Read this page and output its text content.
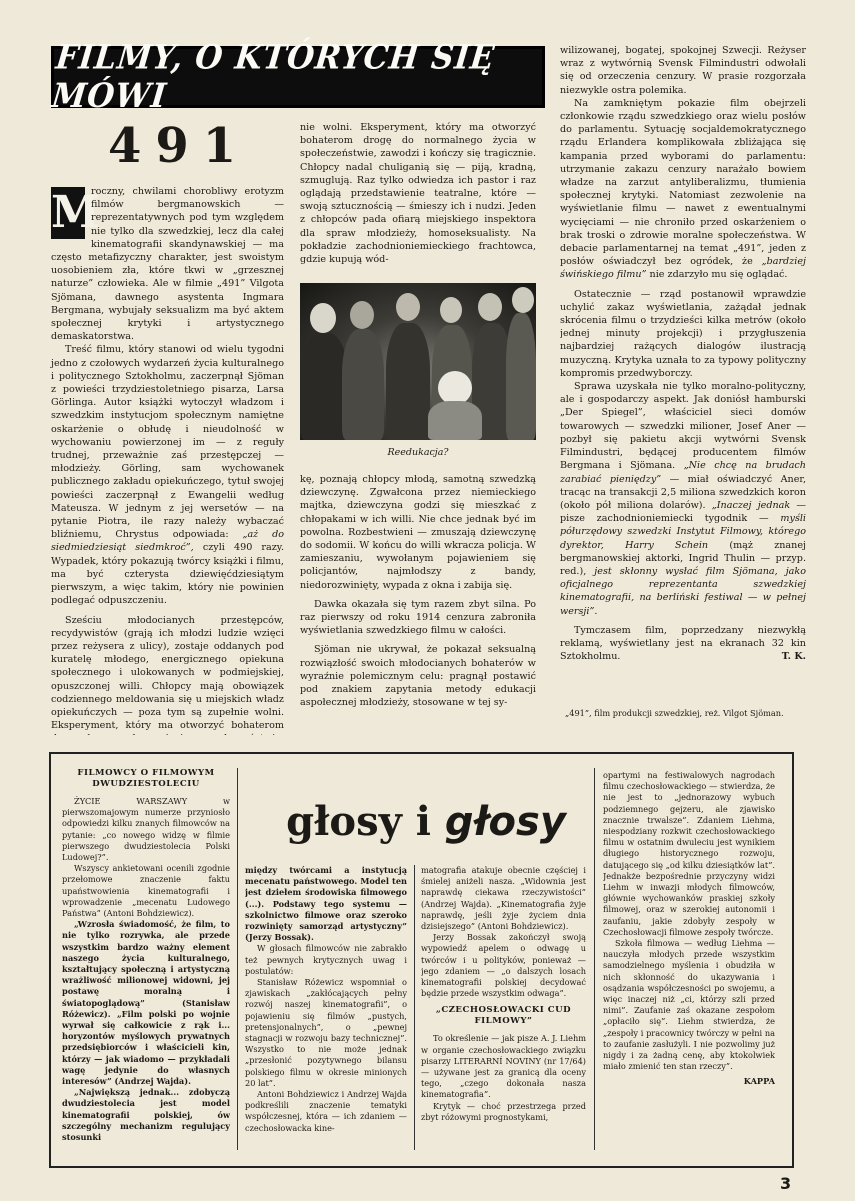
FILMY, O KTÓRYCH SIĘ MÓWI
491

M
roczny, chwilami chorobliwy erotyzm filmów bergmanowskich — reprezentatywnych pod tym względem nie tylko dla szwedzkiej, lecz dla całej kinematografii skandynawskiej — ma często metafizyczny charakter, jest swoistym uosobieniem zła, które tkwi w „grzesznej naturze” człowieka. Ale w filmie „491” Vilgota Sjömana, dawnego asystenta Ingmara Bergmana, wybujały seksualizm ma być aktem społecznej krytyki i artystycznego demaskatorstwa.

Treść filmu, który stanowi od wielu tygodni jedno z czołowych wydarzeń życia kulturalnego i politycznego Sztokholmu, zaczerpnął Sjöman z powieści trzydziestoletniego pisarza, Larsa Görlinga. Autor książki wytoczył władzom i szwedzkim instytucjom społecznym namiętne oskarżenie o obłudę i nieudolność w wychowaniu powierzonej im — z reguły trudnej, przeważnie zaś przestępczej — młodzieży. Görling, sam wychowanek publicznego zakładu opiekuńczego, tytuł swojej powieści zaczerpnął z Ewangelii według Mateusza. W jednym z jej wersetów — na pytanie Piotra, ile razy należy wybaczać bliźniemu, Chrystus odpowiada: „aż do siedmiedziesiąt siedmkroć”, czyli 490 razy. Wypadek, który pokazują twórcy książki i filmu, ma być czterysta dziewięćdziesiątym pierwszym, a więc takim, który nie powinien podlegać odpuszczeniu.

Sześciu młodocianych przestępców, recydywistów (grają ich młodzi ludzie wzięci przez reżysera z ulicy), zostaje oddanych pod kuratelę młodego, energicznego opiekuna społecznego i ulokowanych w podmiejskiej, opuszczonej willi. Chłopcy mają obowiązek codziennego meldowania się u miejskich władz opiekuńczych — poza tym są zupełnie wolni. Eksperyment, który ma otworzyć bohaterom

nie wolni. Eksperyment, który ma otworzyć bohaterom drogę do normalnego życia w społeczeństwie, zawodzi i kończy się tragicznie. Chłopcy nadal chuliganią się — piją, kradną, szmuglują. Raz tylko odwiedza ich pastor i raz oglądają przedstawienie teatralne, które — swoją sztucznością — śmieszy ich i nudzi. Jeden z chłopców pada ofiarą miejskiego inspektora dla spraw młodzieży, homoseksualisty. Na pokładzie zachodnioniemieckiego frachtowca, gdzie kupują wód-

Reedukacja?

kę, poznają chłopcy młodą, samotną szwedzką dziewczynę. Zgwałcona przez niemieckiego majtka, dziewczyna godzi się mieszkać z chłopakami w ich willi. Nie chce jednak być im powolna. Rozbestwieni — zmuszają dziewczynę do sodomii. W końcu do willi wkracza policja. W zamieszaniu, wywołanym pojawieniem się policjantów, najmłodszy z bandy, niedorozwinięty, wypada z okna i zabija się.

Dawka okazała się tym razem zbyt silna. Po raz pierwszy od roku 1914 cenzura zabroniła wyświetlania szwedzkiego filmu w całości.

Sjöman nie ukrywał, że pokazał seksualną rozwiązłość swoich młodocianych bohaterów w wyraźnie polemicznym celu: pragnął postawić pod znakiem zapytania metody edukacji aspołecznej młodzieży, stosowane w tej sy-

wilizowanej, bogatej, spokojnej Szwecji. Reżyser wraz z wytwórnią Svensk Filmindustri odwołali się od orzeczenia cenzury. W prasie rozgorzała niezwykle ostra polemika.

Na zamkniętym pokazie film obejrzeli członkowie rządu szwedzkiego oraz wielu posłów do parlamentu. Sytuację socjaldemokratycznego rządu Erlandera komplikowała zbliżająca się kampania przed wyborami do parlamentu: utrzymanie zakazu cenzury narażało bowiem władze na zarzut antyliberalizmu, tłumienia społecznej krytyki. Natomiast zezwolenie na wyświetlanie filmu — nawet z ewentualnymi wycięciami — nie chroniło przed oskarżeniem o brak troski o zdrowie moralne społeczeństwa. W debacie parlamentarnej na temat „491”, jeden z posłów oświadczył bez ogródek, że „bardziej świńskiego filmu” nie zdarzyło mu się oglądać.

Ostatecznie — rząd postanowił wprawdzie uchylić zakaz wyświetlania, zażądał jednak skrócenia filmu o trzydzieści kilka metrów (około jednej minuty projekcji) i przygłuszenia najbardziej rażących dialogów ilustracją muzyczną. Krytyka uznała to za typowy polityczny kompromis przedwyborczy.

Sprawa uzyskała nie tylko moralno-polityczny, ale i gospodarczy aspekt. Jak doniósł hamburski „Der Spiegel”, właściciel sieci domów towarowych — szwedzki milioner, Josef Aner — pozbył się pakietu akcji wytwórni Svensk Filmindustri, będącej producentem filmów Bergmana i Sjömana. „Nie chcę na brudach zarabiać pieniędzy” — miał oświadczyć Aner, tracąc na transakcji 2,5 miliona szwedzkich koron (około pół miliona dolarów). „Inaczej jednak — pisze zachodnioniemiecki tygodnik — myśli półurzędowy szwedzki Instytut Filmowy, którego dyrektor, Harry Schein (mąż znanej bergmanowskiej aktorki, Ingrid Thulin — przyp. red.), jest skłonny wysłać film Sjömana, jako oficjalnego reprezentanta szwedzkiej kinematografii, na berliński festiwal — w pełnej wersji”.

Tymczasem film, poprzedzany niezwykłą reklamą, wyświetlany jest na ekranach 32 kin Sztokholmu.	T. K.

„491”, film produkcji szwedzkiej, reż. Vilgot Sjöman.
głosy i głosy
FILMOWCY O FILMOWYM DWUDZIESTOLECIU

ŻYCIE WARSZAWY w pierwszomajowym numerze przyniosło odpowiedzi kilku znanych filmowców na pytanie: „co nowego widzę w filmie pierwszego dwudziestolecia Polski Ludowej?”.

Wszyscy ankietowani ocenili zgodnie przełomowe znaczenie faktu upaństwowienia kinematografii i wprowadzenie „mecenatu Ludowego Państwa” (Antoni Bohdziewicz).

„Wzrosła świadomość, że film, to nie tylko rozrywka, ale przede wszystkim bardzo ważny element naszego życia kulturalnego, kształtujący społeczną i artystyczną wrażliwość milionowej widowni, jej postawę moralną i światopoglądową” (Stanisław Różewicz). „Film polski po wojnie wyrwał się całkowicie z rąk i... horyzontów myślowych prywatnych przedsiębiorców i właścicieli kin, którzy — jak wiadomo — przykładali wagę jedynie do własnych interesów” (Andrzej Wajda).

„Największą jednak... zdobyczą dwudziestolecia jest model kinematografii polskiej, ów szczególny mechanizm regulujący stosunki

między twórcami a instytucją mecenatu państwowego. Model ten jest dziełem środowiska filmowego (...). Podstawy tego systemu — szkolnictwo filmowe oraz szeroko rozwinięty samorząd artystyczny” (Jerzy Bossak).

W głosach filmowców nie zabrakło też pewnych krytycznych uwag i postulatów:

Stanisław Różewicz wspomniał o zjawiskach „zakłócających pełny rozwój naszej kinematografii”, o pojawieniu się filmów „pustych, pretensjonalnych”, o „pewnej stagnacji w rozwoju bazy technicznej”. Wszystko to nie może jednak „przesłonić pozytywnego bilansu polskiego filmu w okresie minionych 20 lat”.

Antoni Bohdziewicz i Andrzej Wajda podkreślili znaczenie tematyki współczesnej, która — ich zdaniem — czechosłowacka kine-

matografia atakuje obecnie częściej i śmielej aniżeli nasza. „Widownia jest naprawdę ciekawa rzeczywistości” (Andrzej Wajda). „Kinematografia żyje naprawdę, jeśli żyje życiem dnia dzisiejszego” (Antoni Bohdziewicz).

Jerzy Bossak zakończył swoją wypowiedź apelem o odwagę u twórców i u polityków, ponieważ — jego zdaniem — „o dalszych losach kinematografii polskiej decydować będzie przede wszystkim odwaga”.

„CZECHOSŁOWACKI CUD FILMOWY”

To określenie — jak pisze A. J. Liehm w organie czechosłowackiego związku pisarzy LITERARNÍ NOVINY (nr 17/64) — używane jest za granicą dla oceny tego, „czego dokonała nasza kinematografia”.

Krytyk — choć przestrzega przed zbyt różowymi prognostykami,

opartymi na festiwalowych nagrodach filmu czechosłowackiego — stwierdza, że nie jest to „jednorazowy wybuch podziemnego gejzeru, ale zjawisko znacznie trwalsze”. Zdaniem Liehma, niespodziany rozkwit czechosłowackiego filmu w ostatnim dwuleciu jest wynikiem długiego historycznego rozwoju, datującego się „od kilku dziesiątków lat”. Jednakże bezpośrednie przyczyny widzi Liehm w inwazji młodych filmowców, głównie wychowanków praskiej szkoły filmowej, oraz w szerokiej autonomii i zaufaniu, jakie zdobyły zespoły w Czechosłowacji filmowe zespoły twórcze.

Szkoła filmowa — według Liehma — nauczyła młodych przede wszystkim samodzielnego myślenia i obudziła w nich skłonność do ukazywania i osądzania współczesności po swojemu, a więc inaczej niż „ci, którzy szli przed nimi”. Zaufanie zaś okazane zespołom „opłaciło się”. Liehm stwierdza, że „zespoły i pracownicy twórczy w pełni na to zaufanie zasłużyli. I nie pozwolimy już nigdy i za żadną cenę, aby ktokolwiek miało zmienić ten stan rzeczy”.

KAPPA
3
